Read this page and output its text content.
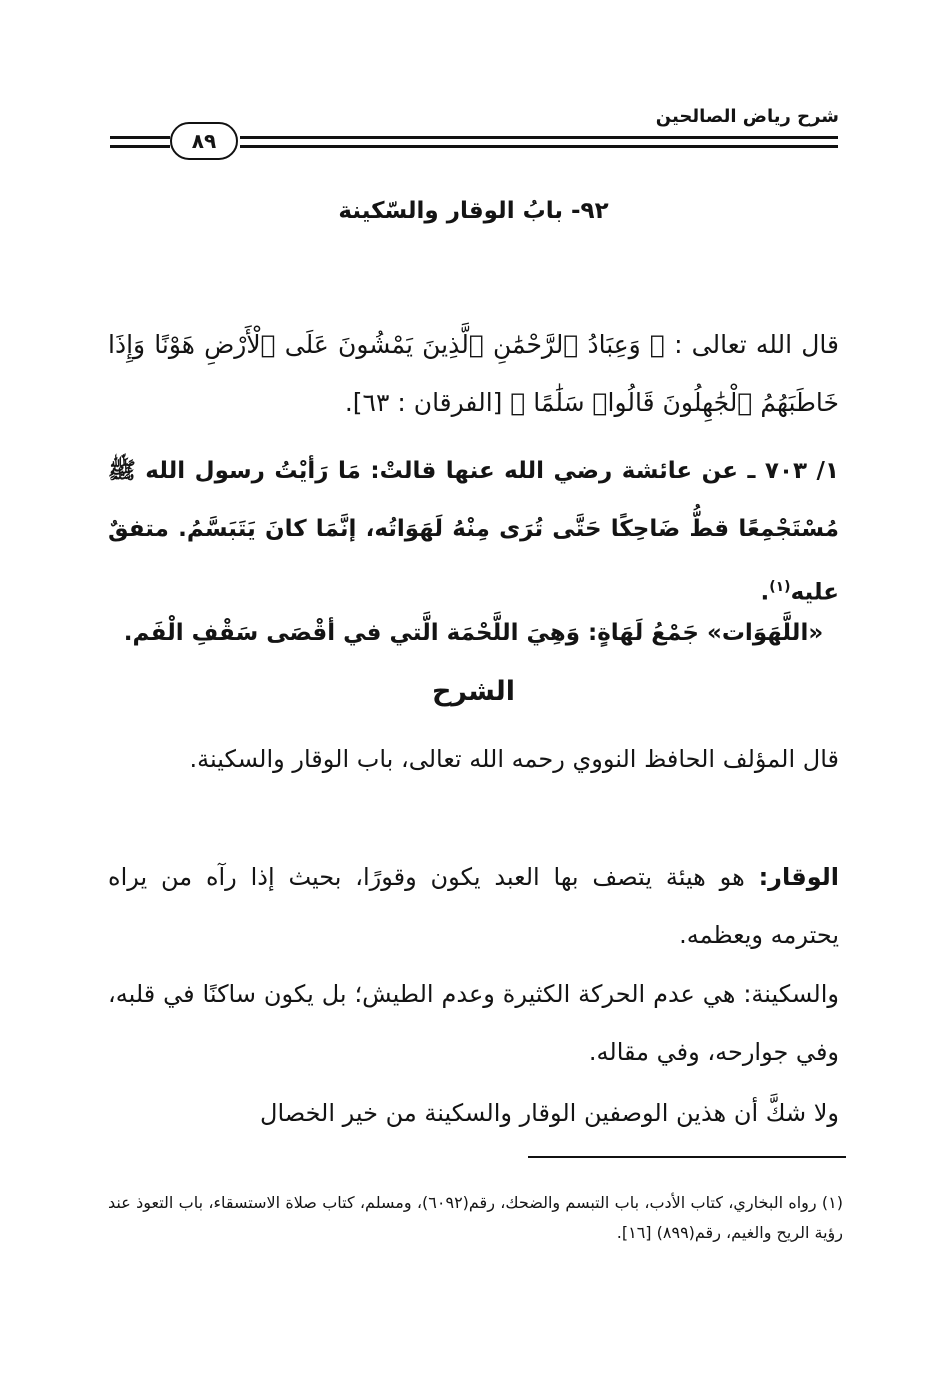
شرح رياض الصالحين
٨٩
٩٢- بابُ الوقار والسّكينة
قال الله تعالى : ﴿ وَعِبَادُ ٱلرَّحْمَٰنِ ٱلَّذِينَ يَمْشُونَ عَلَى ٱلْأَرْضِ هَوْنًا وَإِذَا خَاطَبَهُمُ ٱلْجَٰهِلُونَ قَالُوا۟ سَلَٰمًا ﴾ [الفرقان : ٦٣].
١/ ٧٠٣ ـ عن عائشة رضي الله عنها قالتْ: مَا رَأيْتُ رسول الله ﷺ مُسْتَجْمِعًا قطُّ ضَاحِكًا حَتَّى تُرَى مِنْهُ لَهَوَاتُه، إنَّمَا كانَ يَتَبَسَّمُ. متفقٌ عليه$^{(١)}$.
«اللَّهَوَات» جَمْعُ لَهَاةٍ: وَهِيَ اللَّحْمَة الَّتي في أقْصَى سَقْفِ الْفَم.
الشرح
قال المؤلف الحافظ النووي رحمه الله تعالى، باب الوقار والسكينة.
الوقار: هو هيئة يتصف بها العبد يكون وقورًا، بحيث إذا رآه من يراه يحترمه ويعظمه.
والسكينة: هي عدم الحركة الكثيرة وعدم الطيش؛ بل يكون ساكنًا في قلبه، وفي جوارحه، وفي مقاله.
ولا شكَّ أن هذين الوصفين الوقار والسكينة من خير الخصال
(١) رواه البخاري، كتاب الأدب، باب التبسم والضحك، رقم(٦٠٩٢)، ومسلم، كتاب صلاة الاستسقاء، باب التعوذ عند رؤية الريح والغيم، رقم(٨٩٩) [١٦].
